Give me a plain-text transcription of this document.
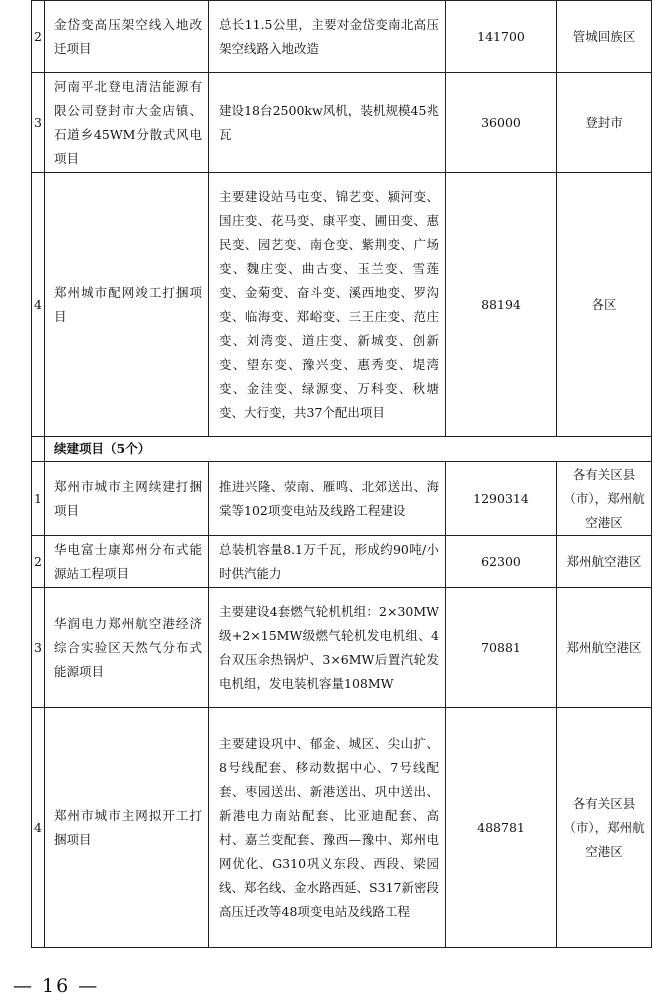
2	金岱变高压架空线入地改迁项目	总长11.5公里，主要对金岱变南北高压架空线路入地改造	141700	管城回族区
3	河南平北登电清洁能源有限公司登封市大金店镇、石道乡45WM分散式风电项目	建设18台2500kw风机，装机规模45兆瓦	36000	登封市
4	郑州城市配网竣工打捆项目	主要建设站马屯变、锦艺变、颍河变、国庄变、花马变、康平变、圃田变、惠民变、园艺变、南仓变、紫荆变、广场变、魏庄变、曲古变、玉兰变、雪莲变、金菊变、奋斗变、溪西地变、罗沟变、临海变、郑峪变、三王庄变、范庄变、刘湾变、道庄变、新城变、创新变、望东变、豫兴变、惠秀变、堤湾变、金洼变、绿源变、万科变、秋塘变、大行变，共37个配出项目	88194	各区
	续建项目（5个）			
1	郑州市城市主网续建打捆项目	推进兴隆、荥南、雁鸣、北郊送出、海棠等102项变电站及线路工程建设	1290314	各有关区县（市），郑州航空港区
2	华电富士康郑州分布式能源站工程项目	总装机容量8.1万千瓦，形成约90吨/小时供汽能力	62300	郑州航空港区
3	华润电力郑州航空港经济综合实验区天然气分布式能源项目	主要建设4套燃气轮机机组：2×30MW级+2×15MW级燃气轮机发电机组、4台双压余热锅炉、3×6MW后置汽轮发电机组，发电装机容量108MW	70881	郑州航空港区
4	郑州市城市主网拟开工打捆项目	主要建设巩中、郁金、城区、尖山扩、8号线配套、移动数据中心、7号线配套、枣园送出、新港送出、巩中送出、新港电力南站配套、比亚迪配套、高村、嘉兰变配套、豫西—豫中、郑州电网优化、G310巩义东段、西段、梁园线、郑名线、金水路西延、S317新密段高压迁改等48项变电站及线路工程	488781	各有关区县（市），郑州航空港区
— 16 —
